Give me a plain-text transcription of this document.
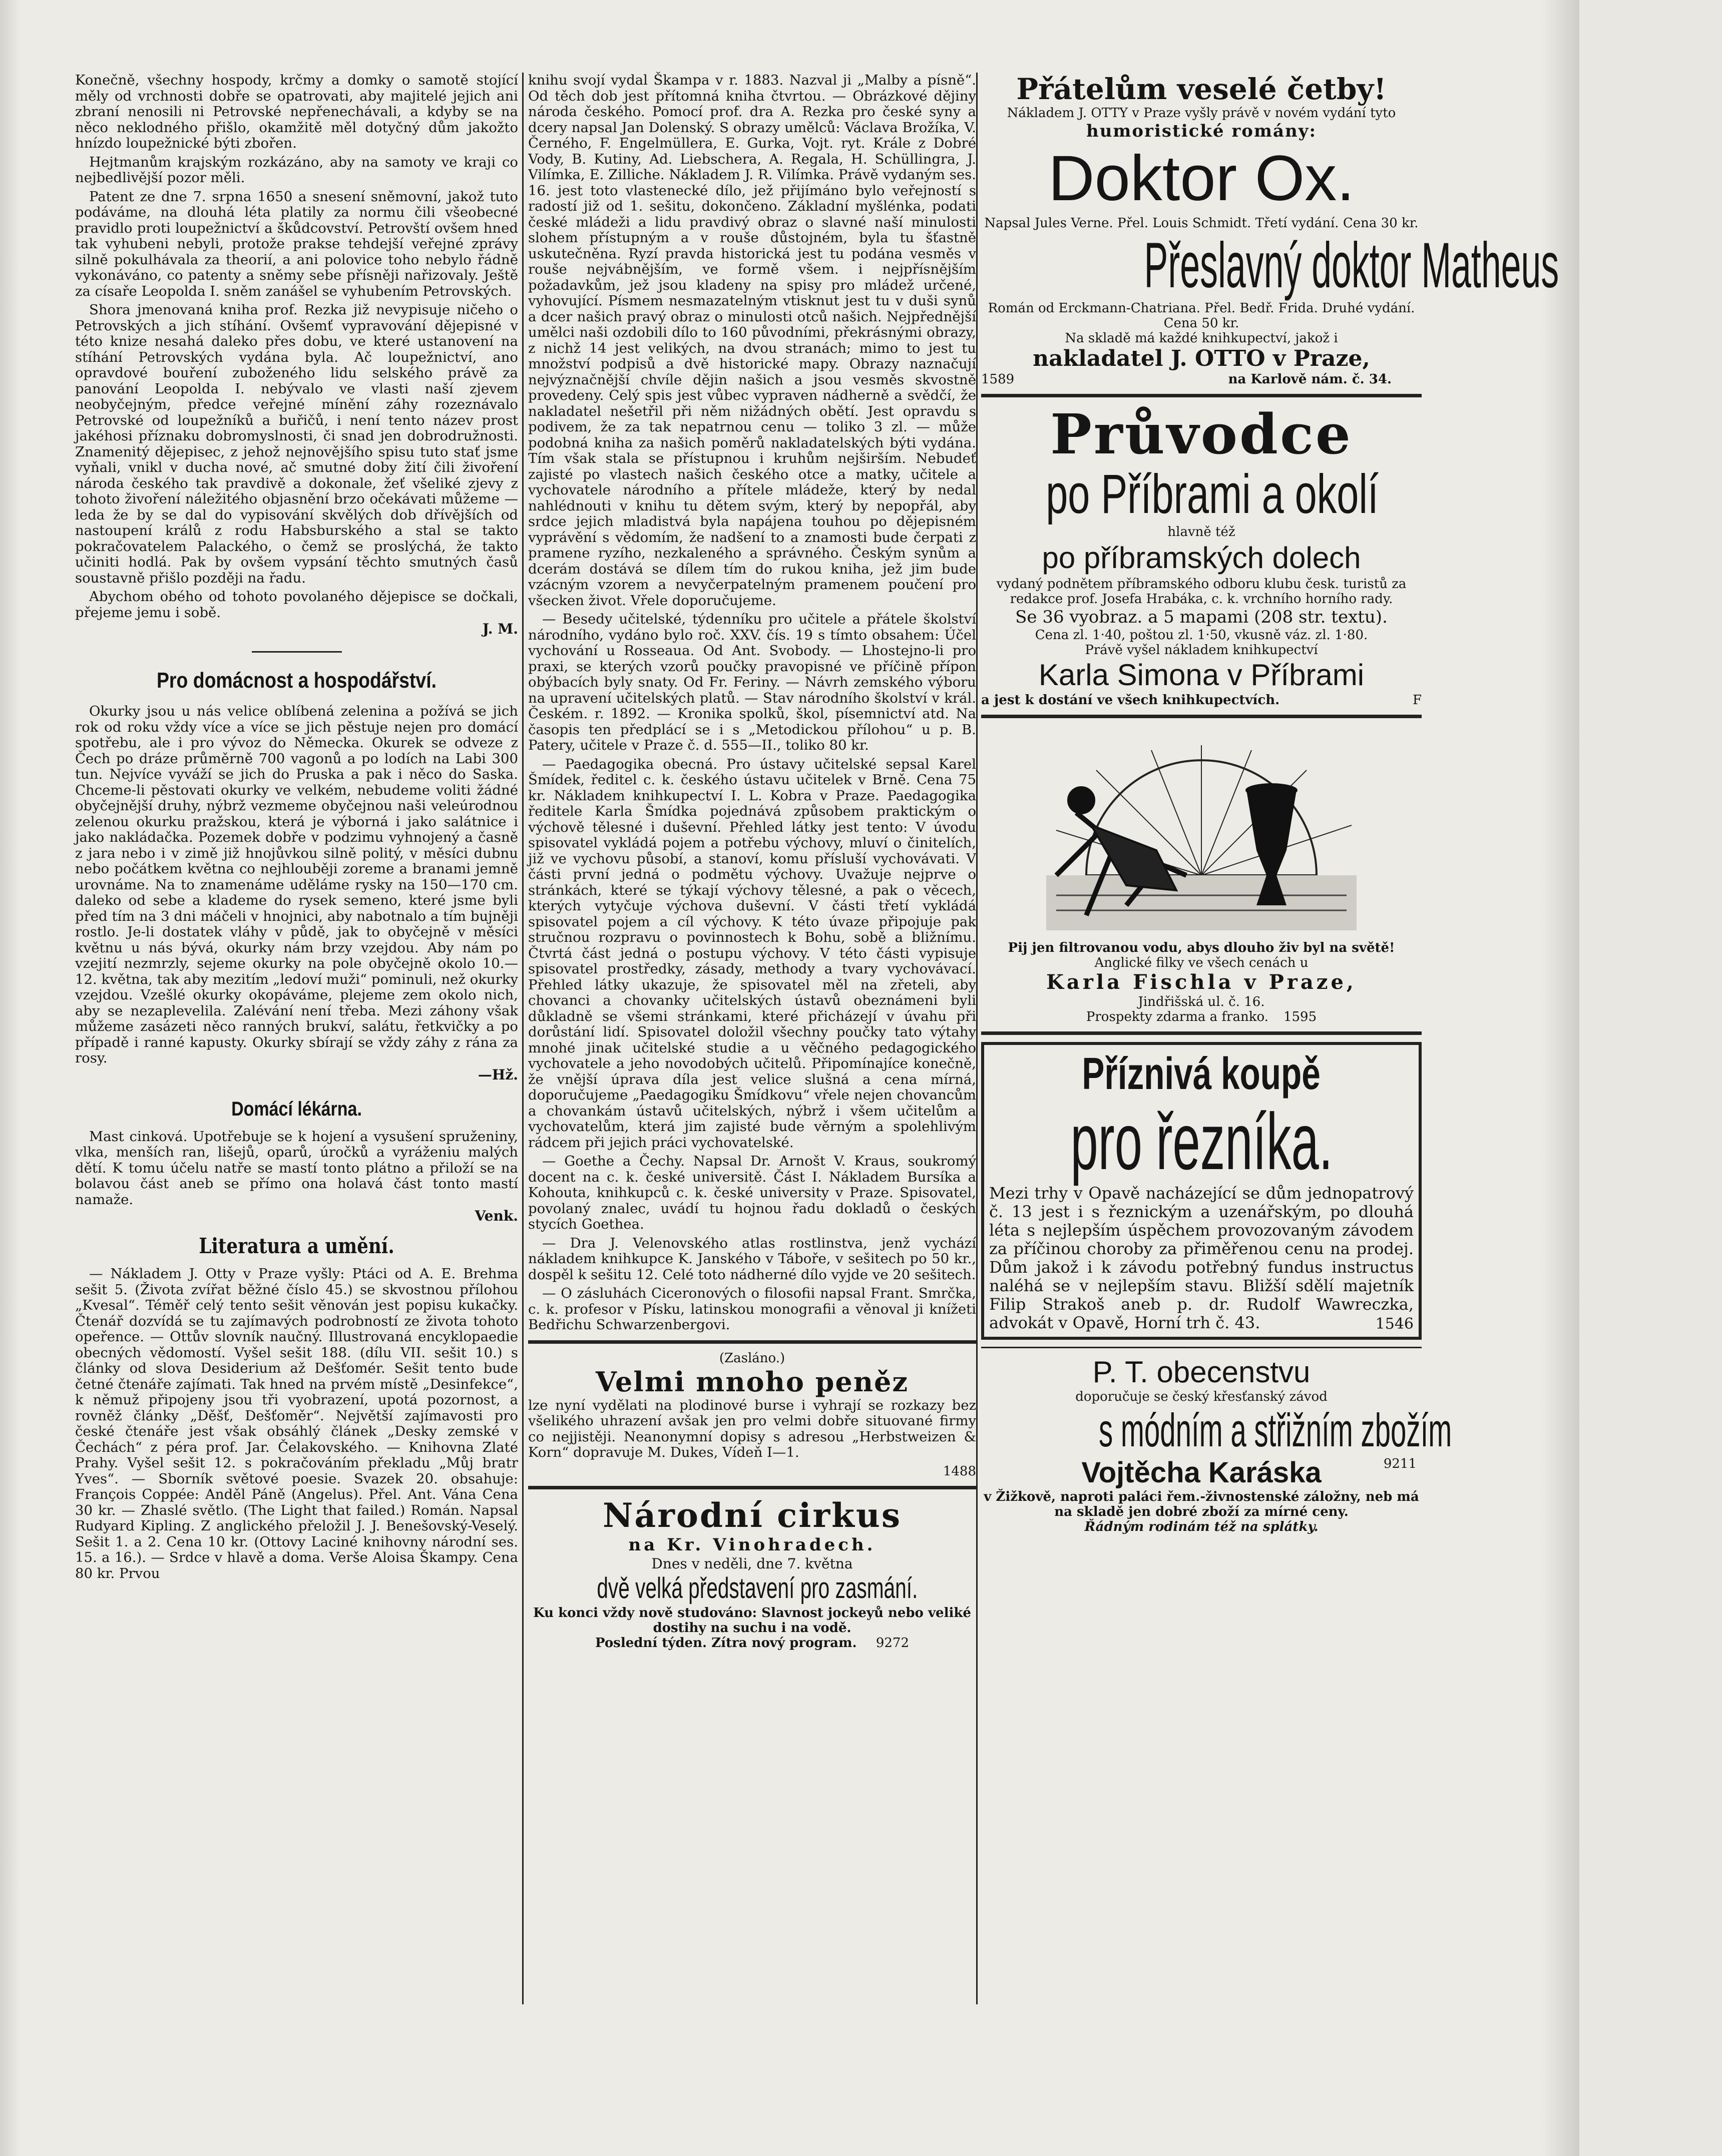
Konečně, všechny hospody, krčmy a domky o samotě stojící měly od vrchnosti dobře se opatrovati, aby majitelé jejich ani zbraní nenosili ni Petrovské nepřenechávali, a kdyby se na něco neklodného přišlo, okamžitě měl dotyčný dům jakožto hnízdo loupežnické býti zbořen.

Hejtmanům krajským rozkázáno, aby na samoty ve kraji co nejbedlivější pozor měli.

Patent ze dne 7. srpna 1650 a snesení sněmovní, jakož tuto podáváme, na dlouhá léta platily za normu čili všeobecné pravidlo proti loupežnictví a škůdcovství. Petrovští ovšem hned tak vyhubeni nebyli, protože prakse tehdejší veřejné zprávy silně pokulhávala za theorií, a ani polovice toho nebylo řádně vykonáváno, co patenty a sněmy sebe přísněji nařizovaly. Ještě za císaře Leopolda I. sněm zanášel se vyhubením Petrovských.

Shora jmenovaná kniha prof. Rezka již nevypisuje ničeho o Petrovských a jich stíhání. Ovšemť vypravování dějepisné v této knize nesahá daleko přes dobu, ve které ustanovení na stíhání Petrovských vydána byla. Ač loupežnictví, ano opravdové bouření zuboženého lidu selského právě za panování Leopolda I. nebývalo ve vlasti naší zjevem neobyčejným, předce veřejné mínění záhy rozeznávalo Petrovské od loupežníků a buřičů, i není tento název prost jakéhosi příznaku dobromyslnosti, či snad jen dobrodružnosti. Znamenitý dějepisec, z jehož nejnovějšího spisu tuto stať jsme vyňali, vnikl v ducha nové, ač smutné doby žití čili živoření národa českého tak pravdivě a dokonale, žeť všeliké zjevy z tohoto živoření náležitého objasnění brzo očekávati můžeme — leda že by se dal do vypisování skvělých dob dřívějších od nastoupení králů z rodu Habsburského a stal se takto pokračovatelem Palackého, o čemž se proslýchá, že takto učiniti hodlá. Pak by ovšem vypsání těchto smutných časů soustavně přišlo později na řadu.

Abychom obého od tohoto povolaného dějepisce se dočkali, přejeme jemu i sobě.

J. M.
Pro domácnost a hospodářství.

Okurky jsou u nás velice oblíbená zelenina a požívá se jich rok od roku vždy více a více se jich pěstuje nejen pro domácí spotřebu, ale i pro vývoz do Německa. Okurek se odveze z Čech po dráze průměrně 700 vagonů a po lodích na Labi 300 tun. Nejvíce vyváží se jich do Pruska a pak i něco do Saska. Chceme-li pěstovati okurky ve velkém, nebudeme voliti žádné obyčejnější druhy, nýbrž vezmeme obyčejnou naši veleúrodnou zelenou okurku pražskou, která je výborná i jako salátnice i jako nakládačka. Pozemek dobře v podzimu vyhnojený a časně z jara nebo i v zimě již hnojůvkou silně politý, v měsíci dubnu nebo počátkem května co nejhlouběji zoreme a branami jemně urovnáme. Na to znamenáme udělámе rysky na 150—170 cm. daleko od sebe a klademe do rysek semeno, které jsme byli před tím na 3 dni máčeli v hnojnici, aby nabotnalo a tím bujněji rostlo. Je-li dostatek vláhy v půdě, jak to obyčejně v měsíci květnu u nás bývá, okurky nám brzy vzejdou. Aby nám po vzejití nezmrzly, sejeme okurky na pole obyčejně okolo 10.—12. května, tak aby mezitím „ledoví muži“ pominuli, než okurky vzejdou. Vzešlé okurky okopáváme, plejeme zem okolo nich, aby se nezaplevelila. Zalévání není třeba. Mezi záhony však můžeme zasázeti něco ranných brukví, salátu, řetkvičky a po případě i ranné kapusty. Okurky sbírají se vždy záhy z rána za rosy.

—Hž.
Domácí lékárna.

Mast cinková. Upotřebuje se k hojení a vysušení spruženiny, vlka, menších ran, lišejů, oparů, úročků a vyráženiu malých dětí. K tomu účelu natře se mastí tonto plátno a přiloží se na bolavou část aneb se přímo ona holavá část tonto mastí namaže.

Venk.
Literatura a umění.

— Nákladem J. Otty v Praze vyšly: Ptáci od A. E. Brehma sešit 5. (Života zvířat běžné číslo 45.) se skvostnou přílohou „Kvesal“. Téměř celý tento sešit věnován jest popisu kukačky. Čtenář dozvídá se tu zajímavých podrobností ze života tohoto opeřence. — Ottův slovník naučný. Illustrovaná encyklopaedie obecných vědomostí. Vyšel sešit 188. (dílu VII. sešit 10.) s články od slova Desiderium až Dešťomér. Sešit tento bude četné čtenáře zajímati. Tak hned na prvém místě „Desinfekce“, k němuž připojeny jsou tři vyobrazení, upotá pozornost, a rovněž články „Děšť, Dešťoměr“. Největší zajímavosti pro české čtenáře jest však obsáhlý článek „Desky zemské v Čechách“ z péra prof. Jar. Čelakovského. — Knihovna Zlaté Prahy. Vyšel sešit 12. s pokračováním překladu „Můj bratr Yves“. — Sborník světové poesie. Svazek 20. obsahuje: François Coppée: Anděl Páně (Angelus). Přel. Ant. Vána Cena 30 kr. — Zhaslé světlo. (The Light that failed.) Román. Napsal Rudyard Kipling. Z anglického přeložil J. J. Benešovský-Veselý. Sešit 1. a 2. Cena 10 kr. (Ottovy Laciné knihovny národní ses. 15. a 16.). — Srdce v hlavě a doma. Verše Aloisa Škampy. Cena 80 kr. Prvou

knihu svojí vydal Škampa v r. 1883. Nazval ji „Malby a písně“. Od těch dob jest přítomná kniha čtvrtou. — Obrázkové dějiny národa českého. Pomocí prof. dra A. Rezka pro české syny a dcery napsal Jan Dolenský. S obrazy umělců: Václava Brožíka, V. Černého, F. Engelmüllera, E. Gurka, Vojt. ryt. Krále z Dobré Vody, B. Kutiny, Ad. Liebschera, A. Regala, H. Schüllingra, J. Vilímka, E. Zilliche. Nákladem J. R. Vilímka. Právě vydaným ses. 16. jest toto vlastenecké dílo, jež přijímáno bylo veřejností s radostí již od 1. sešitu, dokončeno. Základní myšlénka, podati české mládeži a lidu pravdivý obraz o slavné naší minulosti slohem přístupným a v rouše důstojném, byla tu šťastně uskutečněna. Ryzí pravda historická jest tu podána vesměs v rouše nejvábnějším, ve formě všem. i nejpřísnějším požadavkům, jež jsou kladeny na spisy pro mládež určené, vyhovující. Písmem nesmazatelným vtisknut jest tu v duši synů a dcer našich pravý obraz o minulosti otců našich. Nejpřednější umělci naši ozdobili dílo to 160 původními, překrásnými obrazy, z nichž 14 jest velikých, na dvou stranách; mimo to jest tu množství podpisů a dvě historické mapy. Obrazy naznačují nejvýznačnější chvíle dějin našich a jsou vesměs skvostně provedeny. Celý spis jest vůbec vypraven nádherně a svědčí, že nakladatel nešetřil při něm nižádných obětí. Jest opravdu s podivem, že za tak nepatrnou cenu — toliko 3 zl. — může podobná kniha za našich poměrů nakladatelských býti vydána. Tím však stala se přístupnou i kruhům nejširším. Nebudeť zajisté po vlastech našich českého otce a matky, učitele a vychovatele národního a přítele mládeže, který by nedal nahlédnouti v knihu tu dětem svým, který by nepopřál, aby srdce jejich mladistvá byla napájena touhou po dějepisném vyprávění s vědomím, že nadšení to a znamosti bude čerpati z pramene ryzího, nezkaleného a správného. Českým synům a dcerám dostává se dílem tím do rukou kniha, jež jim bude vzácným vzorem a nevyčerpatelným pramenem poučení pro všecken život. Vřele doporučujeme.

— Besedy učitelské, týdenníku pro učitele a přátele školství národního, vydáno bylo roč. XXV. čís. 19 s tímto obsahem: Účel vychování u Rosseaua. Od Ant. Svobody. — Lhostejno-li pro praxi, se kterých vzorů poučky pravopisné ve příčině přípon obýbacích byly snaty. Od Fr. Feriny. — Návrh zemského výboru na upravení učitelských platů. — Stav národního školství v král. Českém. r. 1892. — Kronika spolků, škol, písemnictví atd. Na časopis ten předplácí se i s „Metodickou přílohou“ u p. B. Patery, učitele v Praze č. d. 555—II., toliko 80 kr.

— Paedagogika obecná. Pro ústavy učitelské sepsal Karel Šmídek, ředitel c. k. českého ústavu učitelek v Brně. Cena 75 kr. Nákladem knihkupectví I. L. Kobra v Praze. Paedagogika ředitele Karla Šmídka pojednává způsobem praktickým o výchově tělesné i duševní. Přehled látky jest tento: V úvodu spisovatel vykládá pojem a potřebu výchovy, mluví o činitelích, již ve vychovu působí, a stanoví, komu přísluší vychovávati. V části první jedná o podmětu výchovy. Uvažuje nejprve o stránkách, které se týkají výchovy tělesné, a pak o věcech, kterých vytyčuje výchova duševní. V části třetí vykládá spisovatel pojem a cíl výchovy. K této úvaze připojuje pak stručnou rozpravu o povinnostech k Bohu, sobě a bližnímu. Čtvrtá část jedná o postupu výchovy. V této části vypisuje spisovatel prostředky, zásady, methody a tvary vychovávací. Přehled látky ukazuje, že spisovatel měl na zřeteli, aby chovanci a chovanky učitelských ústavů obeznámeni byli důkladně se všemi stránkami, které přicházejí v úvahu při dorůstání lidí. Spisovatel doložil všechny poučky tato výtahy mnohé jinak učitelské studie a u věčného pedagogického vychovatele a jeho novodobých učitelů. Připomínajíce konečně, že vnější úprava díla jest velice slušná a cena mírná, doporučujeme „Paedagogiku Šmídkovu“ vřele nejen chovancům a chovankám ústavů učitelských, nýbrž i všem učitelům a vychovatelům, která jim zajisté bude věrným a spolehlivým rádcem při jejich práci vychovatelské.

— Goethe a Čechy. Napsal Dr. Arnošt V. Kraus, soukromý docent na c. k. české universitě. Část I. Nákladem Bursíka a Kohouta, knihkupců c. k. české university v Praze. Spisovatel, povolaný znalec, uvádí tu hojnou řadu dokladů o českých stycích Goethea.

— Dra J. Velenovského atlas rostlinstva, jenž vychází nákladem knihkupce K. Janského v Táboře, v sešitech po 50 kr., dospěl k sešitu 12. Celé toto nádherné dílo vyjde ve 20 sešitech.

— O zásluhách Ciceronových o filosofii napsal Frant. Smrčka, c. k. profesor v Písku, latinskou monografii a věnoval ji knížeti Bedřichu Schwarzenbergovi.

(Zasláno.)
Velmi mnoho peněz

lze nyní vydělati na plodinové burse i vyhrají se rozkazy bez všelikého uhrazení avšak jen pro velmi dobře situované firmy co nejjistěji. Neanonymní dopisy s adresou „Herbstweizen & Korn“ dopravuje M. Dukes, Vídeň I—1.

1488
Národní cirkus
na Kr. Vinohradech.
Dnes v neděli, dne 7. května
dvě velká představení pro zasmání.
Ku konci vždy nově studováno: Slavnost jockeyů nebo veliké dostihy na suchu i na vodě.
Poslední týden. Zítra nový program. 9272
Přátelům veselé četby!
Nákladem J. OTTY v Praze vyšly právě v novém vydání tyto
humoristické romány:
Doktor Ox.
Napsal Jules Verne. Přel. Louis Schmidt. Třetí vydání. Cena 30 kr.
Přeslavný doktor Matheus
Román od Erckmann-Chatriana. Přel. Bedř. Frida. Druhé vydání. Cena 50 kr.
Na skladě má každé knihkupectví, jakož i
nakladatel J. OTTO v Praze,
1589	na Karlově nám. č. 34.
Průvodce
po Příbrami a okolí
hlavně též
po příbramských dolech
vydaný podnětem příbramského odboru klubu česk. turistů za redakce prof. Josefa Hrabáka, c. k. vrchního horního rady.
Se 36 vyobraz. a 5 mapami (208 str. textu).
Cena zl. 1·40, poštou zl. 1·50, vkusně váz. zl. 1·80.
Právě vyšel nákladem knihkupectví
Karla Simona v Příbrami
a jest k dostání ve všech knihkupectvích.	F
Pij jen filtrovanou vodu, abys dlouho živ byl na světě!
Anglické filky ve všech cenách u
Karla Fischla v Praze,
Jindřišská ul. č. 16.
Prospekty zdarma a franko. 1595
Příznivá koupě
pro řezníka.

Mezi trhy v Opavě nacházející se dům jednopatrový č. 13 jest i s řeznickým a uzenářským, po dlouhá léta s nejlepším úspěchem provozovaným závodem za příčinou choroby za přiměřenou cenu na prodej. Dům jakož i k závodu potřebný fundus instructus naléhá se v nejlepším stavu. Bližší sdělí majetník Filip Strakoš aneb p. dr. Rudolf Wawreczka, advokát v Opavě, Horní trh č. 43.	1546
P. T. obecenstvu
doporučuje se český křesťanský závod
s módním a střižním zbožím
Vojtěcha Karáska	9211
v Žižkově, naproti paláci řem.-živnostenské záložny, neb má na skladě jen dobré zboží za mírné ceny.
Řádným rodinám též na splátky.
